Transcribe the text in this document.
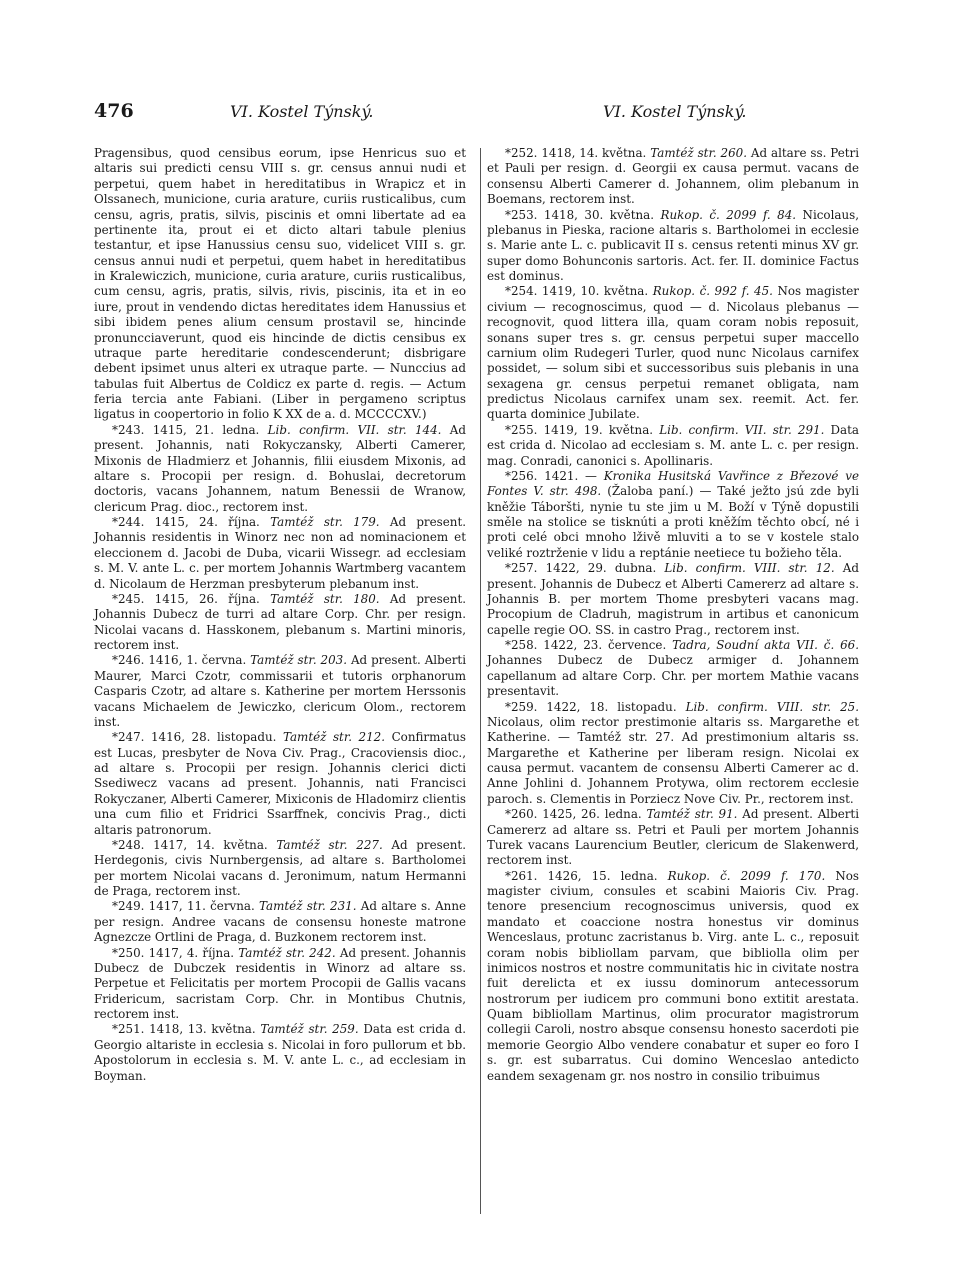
476	VI. Kostel Týnský.	VI. Kostel Týnský.

Pragensibus, quod censibus eorum, ipse Henricus suo et altaris sui predicti censu VIII s. gr. census annui nudi et perpetui, quem habet in hereditatibus in Wrapicz et in Olssanech, municione, curia arature, curiis rusticalibus, cum censu, agris, pratis, silvis, piscinis et omni libertate ad ea pertinente ita, prout ei et dicto altari tabule plenius testantur, et ipse Hanussius censu suo, videlicet VIII s. gr. census annui nudi et perpetui, quem habet in hereditatibus in Kralewiczich, municione, curia arature, curiis rusticalibus, cum censu, agris, pratis, silvis, rivis, piscinis, ita et in eo iure, prout in vendendo dictas hereditates idem Hanussius et sibi ibidem penes alium censum prostavil se, hincinde pronuncciaverunt, quod eis hincinde de dictis censibus ex utraque parte hereditarie condescenderunt; disbrigare debent ipsimet unus alteri ex utraque parte. — Nunccius ad tabulas fuit Albertus de Coldicz ex parte d. regis. — Actum feria tercia ante Fabiani. (Liber in pergameno scriptus ligatus in coopertorio in folio K XX de a. d. MCCCCXV.)

*243. 1415, 21. ledna. Lib. confirm. VII. str. 144. Ad present. Johannis, nati Rokyczansky, Alberti Camerer, Mixonis de Hladmierz et Johannis, filii eiusdem Mixonis, ad altare s. Procopii per resign. d. Bohuslai, decretorum doctoris, vacans Johannem, natum Benessii de Wranow, clericum Prag. dioc., rectorem inst.

*244. 1415, 24. října. Tamtéž str. 179. Ad present. Johannis residentis in Winorz nec non ad nominacionem et eleccionem d. Jacobi de Duba, vicarii Wissegr. ad ecclesiam s. M. V. ante L. c. per mortem Johannis Wartmberg vacantem d. Nicolaum de Herzman presbyterum plebanum inst.

*245. 1415, 26. října. Tamtéž str. 180. Ad present. Johannis Dubecz de turri ad altare Corp. Chr. per resign. Nicolai vacans d. Hasskonem, plebanum s. Martini minoris, rectorem inst.

*246. 1416, 1. června. Tamtéž str. 203. Ad present. Alberti Maurer, Marci Czotr, commissarii et tutoris orphanorum Casparis Czotr, ad altare s. Katherine per mortem Herssonis vacans Michaelem de Jewiczko, clericum Olom., rectorem inst.

*247. 1416, 28. listopadu. Tamtéž str. 212. Confirmatus est Lucas, presbyter de Nova Civ. Prag., Cracoviensis dioc., ad altare s. Procopii per resign. Johannis clerici dicti Ssediwecz vacans ad present. Johannis, nati Francisci Rokyczaner, Alberti Camerer, Mixiconis de Hladomirz clientis una cum filio et Fridrici Ssarffnek, concivis Prag., dicti altaris patronorum.

*248. 1417, 14. května. Tamtéž str. 227. Ad present. Herdegonis, civis Nurnbergensis, ad altare s. Bartholomei per mortem Nicolai vacans d. Jeronimum, natum Hermanni de Praga, rectorem inst.

*249. 1417, 11. června. Tamtéž str. 231. Ad altare s. Anne per resign. Andree vacans de consensu honeste matrone Agnezcze Ortlini de Praga, d. Buzkonem rectorem inst.

*250. 1417, 4. října. Tamtéž str. 242. Ad present. Johannis Dubecz de Dubczek residentis in Winorz ad altare ss. Perpetue et Felicitatis per mortem Procopii de Gallis vacans Fridericum, sacristam Corp. Chr. in Montibus Chutnis, rectorem inst.

*251. 1418, 13. května. Tamtéž str. 259. Data est crida d. Georgio altariste in ecclesia s. Nicolai in foro pullorum et bb. Apostolorum in ecclesia s. M. V. ante L. c., ad ecclesiam in Boyman.

*252. 1418, 14. května. Tamtéž str. 260. Ad altare ss. Petri et Pauli per resign. d. Georgii ex causa permut. vacans de consensu Alberti Camerer d. Johannem, olim plebanum in Boemans, rectorem inst.

*253. 1418, 30. května. Rukop. č. 2099 f. 84. Nicolaus, plebanus in Pieska, racione altaris s. Bartholomei in ecclesie s. Marie ante L. c. publicavit II s. census retenti minus XV gr. super domo Bohunconis sartoris. Act. fer. II. dominice Factus est dominus.

*254. 1419, 10. května. Rukop. č. 992 f. 45. Nos magister civium — recognoscimus, quod — d. Nicolaus plebanus — recognovit, quod littera illa, quam coram nobis reposuit, sonans super tres s. gr. census perpetui super maccello carnium olim Rudegeri Turler, quod nunc Nicolaus carnifex possidet, — solum sibi et successoribus suis plebanis in una sexagena gr. census perpetui remanet obligata, nam predictus Nicolaus carnifex unam sex. reemit. Act. fer. quarta dominice Jubilate.

*255. 1419, 19. května. Lib. confirm. VII. str. 291. Data est crida d. Nicolao ad ecclesiam s. M. ante L. c. per resign. mag. Conradi, canonici s. Apollinaris.

*256. 1421. — Kronika Husitská Vavřince z Březové ve Fontes V. str. 498. (Žaloba paní.) — Také ježto jsú zde byli kněžie Táboršti, nynie tu ste jim u M. Boží v Týně dopustili směle na stolice se tisknúti a proti kněžím těchto obcí, né i proti celé obci mnoho lživě mluviti a to se v kostele stalo veliké roztrženie v lidu a reptánie neetiece tu božieho těla.

*257. 1422, 29. dubna. Lib. confirm. VIII. str. 12. Ad present. Johannis de Dubecz et Alberti Camererz ad altare s. Johannis B. per mortem Thome presbyteri vacans mag. Procopium de Cladruh, magistrum in artibus et canonicum capelle regie OO. SS. in castro Prag., rectorem inst.

*258. 1422, 23. července. Tadra, Soudní akta VII. č. 66. Johannes Dubecz de Dubecz armiger d. Johannem capellanum ad altare Corp. Chr. per mortem Mathie vacans presentavit.

*259. 1422, 18. listopadu. Lib. confirm. VIII. str. 25. Nicolaus, olim rector prestimonie altaris ss. Margarethe et Katherine. — Tamtéž str. 27. Ad prestimonium altaris ss. Margarethe et Katherine per liberam resign. Nicolai ex causa permut. vacantem de consensu Alberti Camerer ac d. Anne Johlini d. Johannem Protywa, olim rectorem ecclesie paroch. s. Clementis in Porziecz Nove Civ. Pr., rectorem inst.

*260. 1425, 26. ledna. Tamtéž str. 91. Ad present. Alberti Camererz ad altare ss. Petri et Pauli per mortem Johannis Turek vacans Laurencium Beutler, clericum de Slakenwerd, rectorem inst.

*261. 1426, 15. ledna. Rukop. č. 2099 f. 170. Nos magister civium, consules et scabini Maioris Civ. Prag. tenore presencium recognoscimus universis, quod ex mandato et coaccione nostra honestus vir dominus Wenceslaus, protunc zacristanus b. Virg. ante L. c., reposuit coram nobis bibliollam parvam, que bibliolla olim per inimicos nostros et nostre communitatis hic in civitate nostra fuit derelicta et ex iussu dominorum antecessorum nostrorum per iudicem pro communi bono extitit arestata. Quam bibliollam Martinus, olim procurator magistrorum collegii Caroli, nostro absque consensu honesto sacerdoti pie memorie Georgio Albo vendere conabatur et super eo foro I s. gr. est subarratus. Cui domino Wenceslao antedicto eandem sexagenam gr. nos nostro in consilio tribuimus
